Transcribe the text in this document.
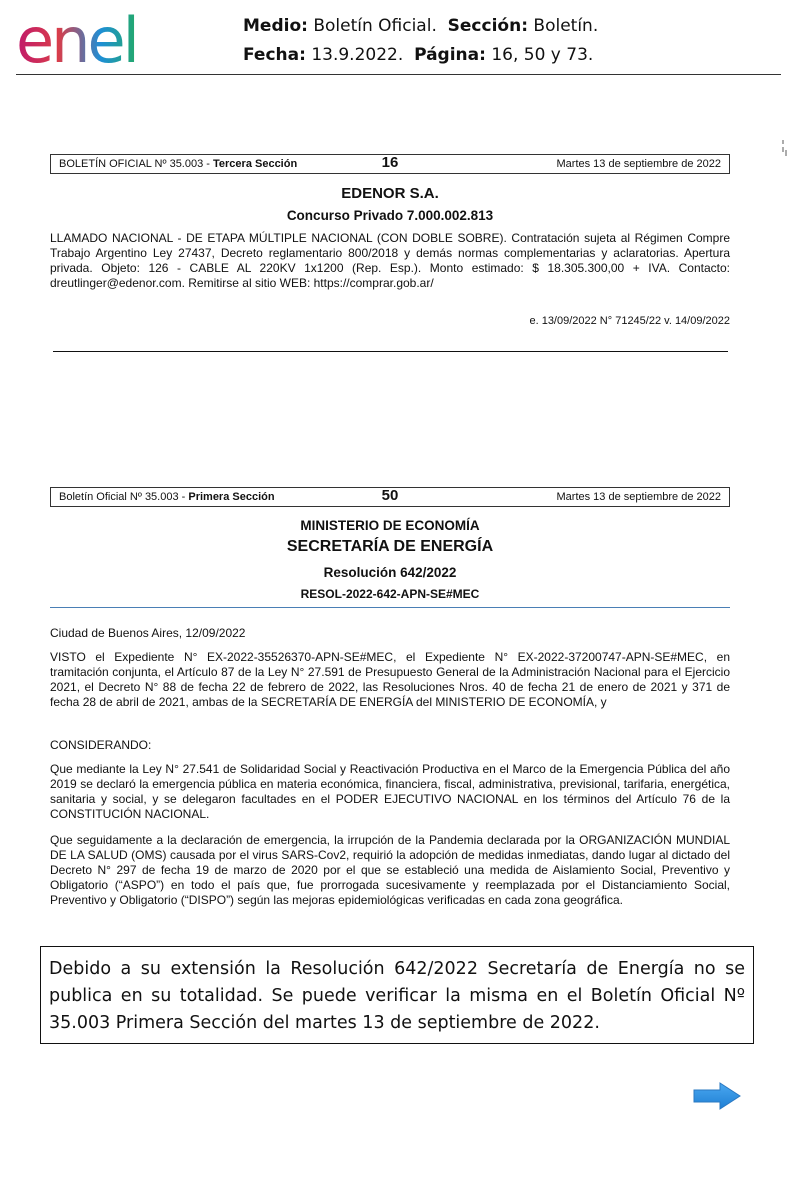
enel	Medio: Boletín Oficial. Sección: Boletín.
Fecha: 13.9.2022. Página: 16, 50 y 73.
BOLETÍN OFICIAL Nº 35.003 - Tercera Sección	16	Martes 13 de septiembre de 2022
EDENOR S.A.
Concurso Privado 7.000.002.813
LLAMADO NACIONAL - DE ETAPA MÚLTIPLE NACIONAL (CON DOBLE SOBRE). Contratación sujeta al Régimen Compre Trabajo Argentino Ley 27437, Decreto reglamentario 800/2018 y demás normas complementarias y aclaratorias. Apertura privada. Objeto: 126 - CABLE AL 220KV 1x1200 (Rep. Esp.). Monto estimado: $ 18.305.300,00 + IVA. Contacto: dreutlinger@edenor.com. Remitirse al sitio WEB: https://comprar.gob.ar/
e. 13/09/2022 N° 71245/22 v. 14/09/2022
Boletín Oficial Nº 35.003 - Primera Sección	50	Martes 13 de septiembre de 2022
MINISTERIO DE ECONOMÍA
SECRETARÍA DE ENERGÍA
Resolución 642/2022
RESOL-2022-642-APN-SE#MEC
Ciudad de Buenos Aires, 12/09/2022
VISTO el Expediente N° EX-2022-35526370-APN-SE#MEC, el Expediente N° EX-2022-37200747-APN-SE#MEC, en tramitación conjunta, el Artículo 87 de la Ley N° 27.591 de Presupuesto General de la Administración Nacional para el Ejercicio 2021, el Decreto N° 88 de fecha 22 de febrero de 2022, las Resoluciones Nros. 40 de fecha 21 de enero de 2021 y 371 de fecha 28 de abril de 2021, ambas de la SECRETARÍA DE ENERGÍA del MINISTERIO DE ECONOMÍA, y
CONSIDERANDO:
Que mediante la Ley N° 27.541 de Solidaridad Social y Reactivación Productiva en el Marco de la Emergencia Pública del año 2019 se declaró la emergencia pública en materia económica, financiera, fiscal, administrativa, previsional, tarifaria, energética, sanitaria y social, y se delegaron facultades en el PODER EJECUTIVO NACIONAL en los términos del Artículo 76 de la CONSTITUCIÓN NACIONAL.
Que seguidamente a la declaración de emergencia, la irrupción de la Pandemia declarada por la ORGANIZACIÓN MUNDIAL DE LA SALUD (OMS) causada por el virus SARS-Cov2, requirió la adopción de medidas inmediatas, dando lugar al dictado del Decreto N° 297 de fecha 19 de marzo de 2020 por el que se estableció una medida de Aislamiento Social, Preventivo y Obligatorio (“ASPO”) en todo el país que, fue prorrogada sucesivamente y reemplazada por el Distanciamiento Social, Preventivo y Obligatorio (“DISPO”) según las mejoras epidemiológicas verificadas en cada zona geográfica.
Debido a su extensión la Resolución 642/2022 Secretaría de Energía no se publica en su totalidad. Se puede verificar la misma en el Boletín Oficial Nº 35.003 Primera Sección del martes 13 de septiembre de 2022.
